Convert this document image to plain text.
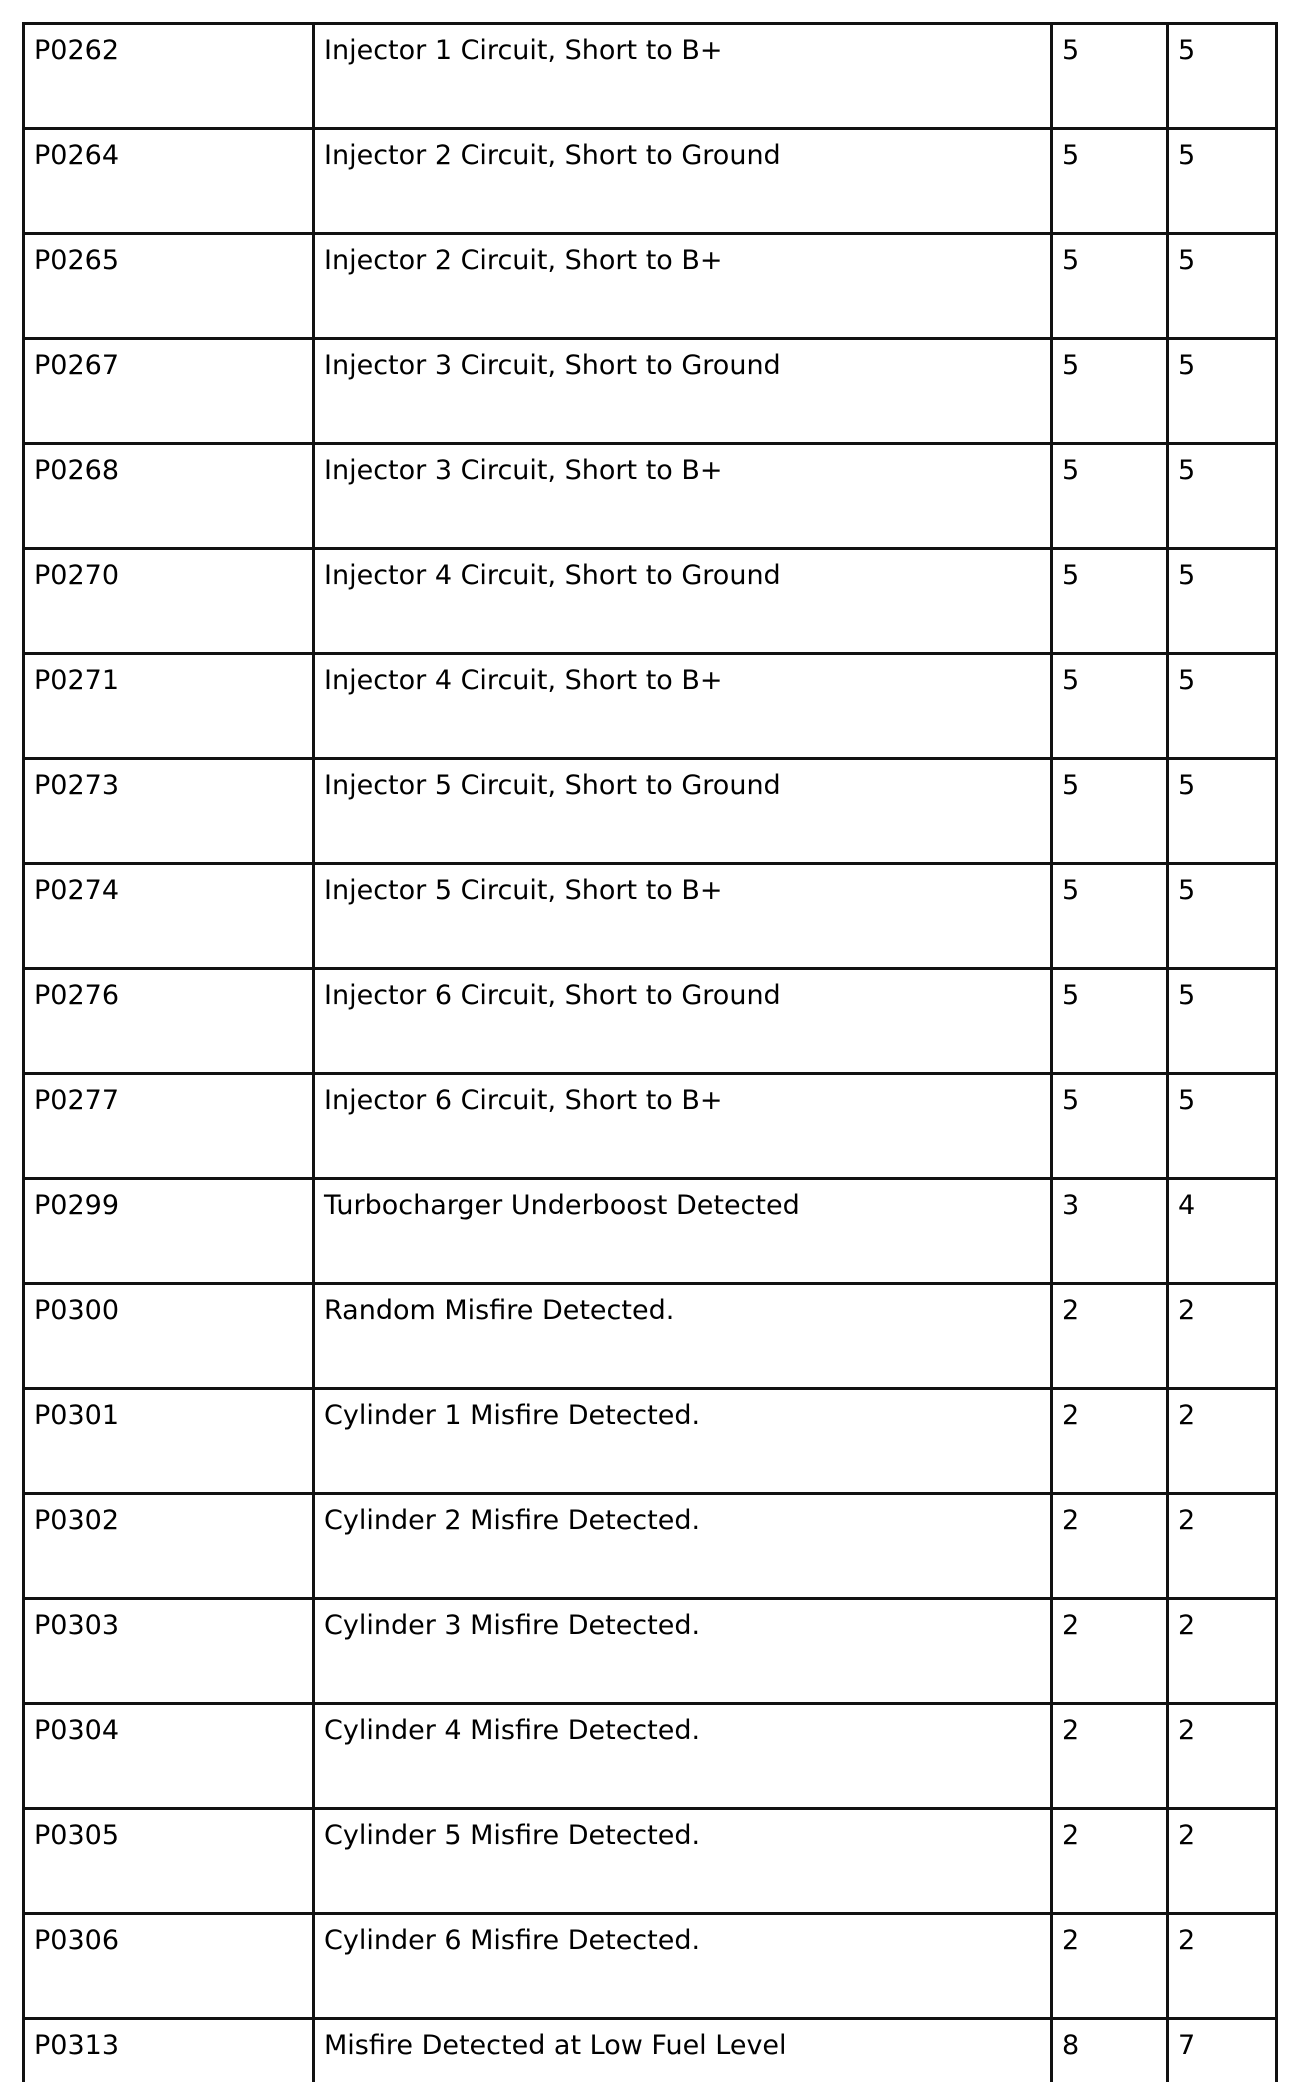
P0262	Injector 1 Circuit, Short to B+	5	5
P0264	Injector 2 Circuit, Short to Ground	5	5
P0265	Injector 2 Circuit, Short to B+	5	5
P0267	Injector 3 Circuit, Short to Ground	5	5
P0268	Injector 3 Circuit, Short to B+	5	5
P0270	Injector 4 Circuit, Short to Ground	5	5
P0271	Injector 4 Circuit, Short to B+	5	5
P0273	Injector 5 Circuit, Short to Ground	5	5
P0274	Injector 5 Circuit, Short to B+	5	5
P0276	Injector 6 Circuit, Short to Ground	5	5
P0277	Injector 6 Circuit, Short to B+	5	5
P0299	Turbocharger Underboost Detected	3	4
P0300	Random Misfire Detected.	2	2
P0301	Cylinder 1 Misfire Detected.	2	2
P0302	Cylinder 2 Misfire Detected.	2	2
P0303	Cylinder 3 Misfire Detected.	2	2
P0304	Cylinder 4 Misfire Detected.	2	2
P0305	Cylinder 5 Misfire Detected.	2	2
P0306	Cylinder 6 Misfire Detected.	2	2
P0313	Misfire Detected at Low Fuel Level	8	7
